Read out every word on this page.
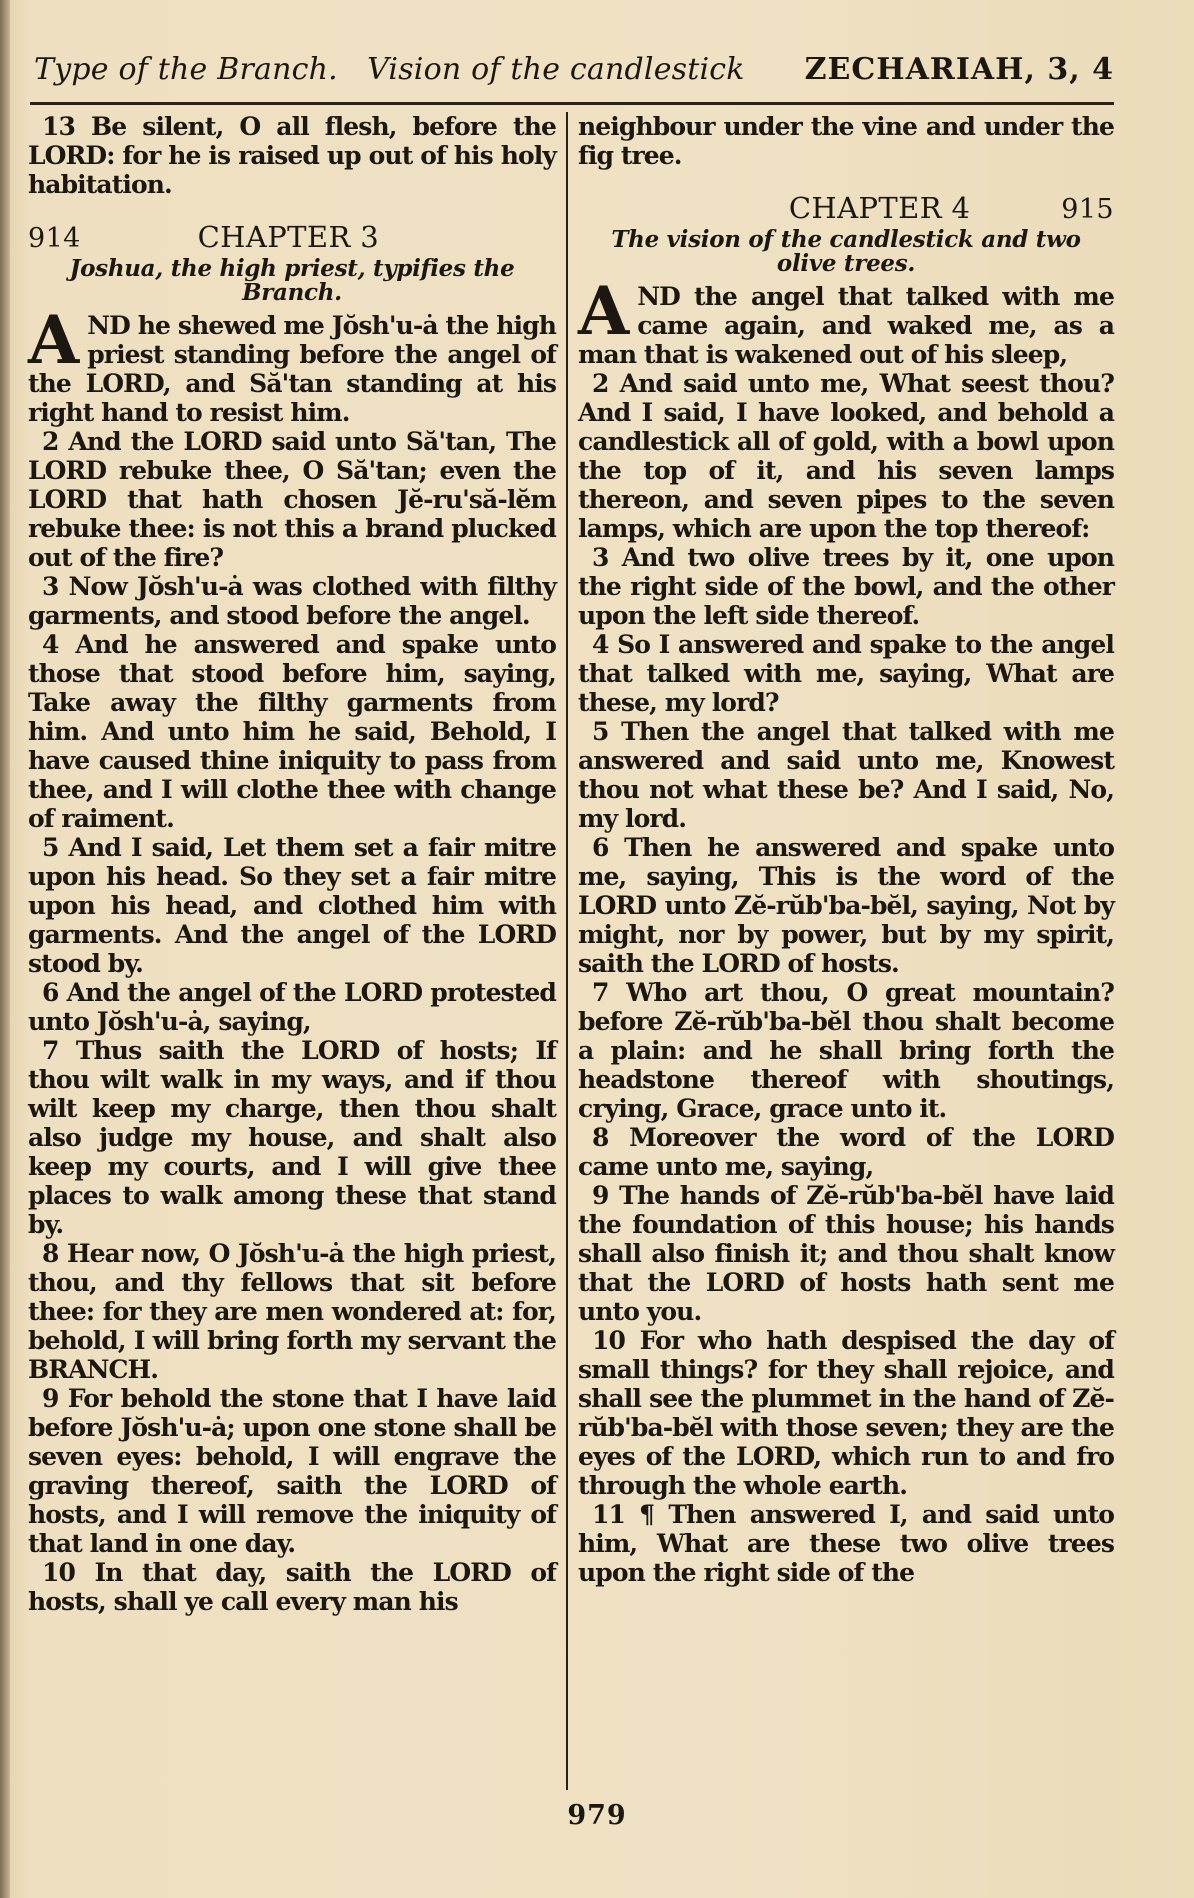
Type of the Branch.   Vision of the candlestick ZECHARIAH, 3, 4

13 Be silent, O all flesh, before the LORD: for he is raised up out of his holy habitation.

914	CHAPTER 3
Joshua, the high priest, typifies the Branch.

AND he shewed me Jŏsh'u-ȧ the high priest standing before the angel of the LORD, and Să'tan standing at his right hand to resist him.

2 And the LORD said unto Să'tan, The LORD rebuke thee, O Să'tan; even the LORD that hath chosen Jĕ-ru'să-lĕm rebuke thee: is not this a brand plucked out of the fire?

3 Now Jŏsh'u-ȧ was clothed with filthy garments, and stood before the angel.

4 And he answered and spake unto those that stood before him, saying, Take away the filthy garments from him. And unto him he said, Behold, I have caused thine iniquity to pass from thee, and I will clothe thee with change of raiment.

5 And I said, Let them set a fair mitre upon his head. So they set a fair mitre upon his head, and clothed him with garments. And the angel of the LORD stood by.

6 And the angel of the LORD protested unto Jŏsh'u-ȧ, saying,

7 Thus saith the LORD of hosts; If thou wilt walk in my ways, and if thou wilt keep my charge, then thou shalt also judge my house, and shalt also keep my courts, and I will give thee places to walk among these that stand by.

8 Hear now, O Jŏsh'u-ȧ the high priest, thou, and thy fellows that sit before thee: for they are men wondered at: for, behold, I will bring forth my servant the BRANCH.

9 For behold the stone that I have laid before Jŏsh'u-ȧ; upon one stone shall be seven eyes: behold, I will engrave the graving thereof, saith the LORD of hosts, and I will remove the iniquity of that land in one day.

10 In that day, saith the LORD of hosts, shall ye call every man his

neighbour under the vine and under the fig tree.

CHAPTER 4	915
The vision of the candlestick and two olive trees.

AND the angel that talked with me came again, and waked me, as a man that is wakened out of his sleep,

2 And said unto me, What seest thou? And I said, I have looked, and behold a candlestick all of gold, with a bowl upon the top of it, and his seven lamps thereon, and seven pipes to the seven lamps, which are upon the top thereof:

3 And two olive trees by it, one upon the right side of the bowl, and the other upon the left side thereof.

4 So I answered and spake to the angel that talked with me, saying, What are these, my lord?

5 Then the angel that talked with me answered and said unto me, Knowest thou not what these be? And I said, No, my lord.

6 Then he answered and spake unto me, saying, This is the word of the LORD unto Zĕ-rŭb'ba-bĕl, saying, Not by might, nor by power, but by my spirit, saith the LORD of hosts.

7 Who art thou, O great mountain? before Zĕ-rŭb'ba-bĕl thou shalt become a plain: and he shall bring forth the headstone thereof with shoutings, crying, Grace, grace unto it.

8 Moreover the word of the LORD came unto me, saying,

9 The hands of Zĕ-rŭb'ba-bĕl have laid the foundation of this house; his hands shall also finish it; and thou shalt know that the LORD of hosts hath sent me unto you.

10 For who hath despised the day of small things? for they shall rejoice, and shall see the plummet in the hand of Zĕ-rŭb'ba-bĕl with those seven; they are the eyes of the LORD, which run to and fro through the whole earth.

11 ¶ Then answered I, and said unto him, What are these two olive trees upon the right side of the

979
